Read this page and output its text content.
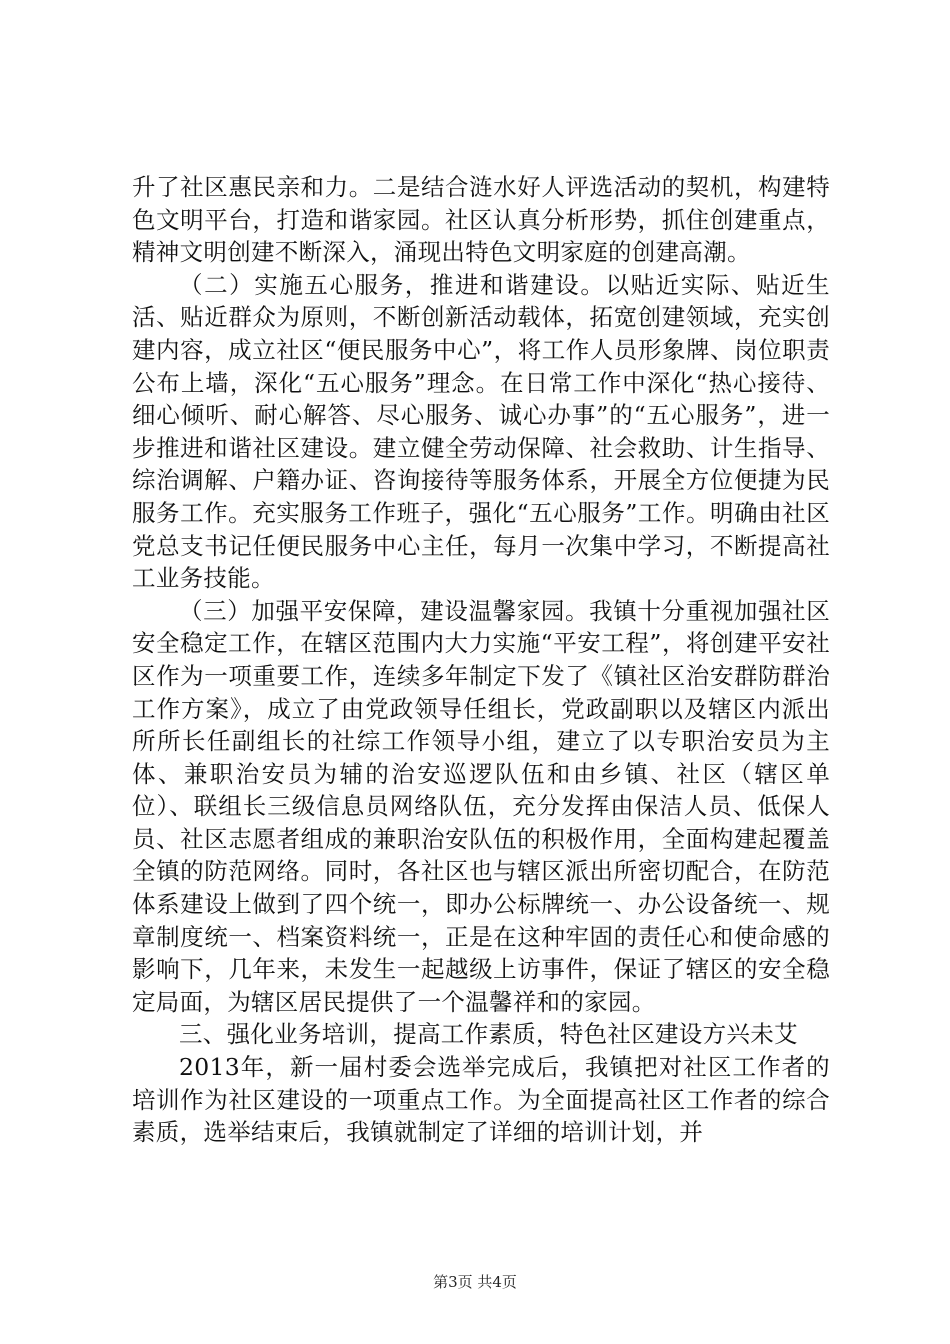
升了社区惠民亲和力。二是结合涟水好人评选活动的契机，构建特色文明平台，打造和谐家园。社区认真分析形势，抓住创建重点，精神文明创建不断深入，涌现出特色文明家庭的创建高潮。

（二）实施五心服务，推进和谐建设。以贴近实际、贴近生活、贴近群众为原则，不断创新活动载体，拓宽创建领域，充实创建内容，成立社区“便民服务中心”，将工作人员形象牌、岗位职责公布上墙，深化“五心服务”理念。在日常工作中深化“热心接待、细心倾听、耐心解答、尽心服务、诚心办事”的“五心服务”，进一步推进和谐社区建设。建立健全劳动保障、社会救助、计生指导、综治调解、户籍办证、咨询接待等服务体系，开展全方位便捷为民服务工作。充实服务工作班子，强化“五心服务”工作。明确由社区党总支书记任便民服务中心主任，每月一次集中学习，不断提高社工业务技能。

（三）加强平安保障，建设温馨家园。我镇十分重视加强社区安全稳定工作，在辖区范围内大力实施“平安工程”，将创建平安社区作为一项重要工作，连续多年制定下发了《镇社区治安群防群治工作方案》，成立了由党政领导任组长，党政副职以及辖区内派出所所长任副组长的社综工作领导小组，建立了以专职治安员为主体、兼职治安员为辅的治安巡逻队伍和由乡镇、社区（辖区单位）、联组长三级信息员网络队伍，充分发挥由保洁人员、低保人员、社区志愿者组成的兼职治安队伍的积极作用，全面构建起覆盖全镇的防范网络。同时，各社区也与辖区派出所密切配合，在防范体系建设上做到了四个统一，即办公标牌统一、办公设备统一、规章制度统一、档案资料统一，正是在这种牢固的责任心和使命感的影响下，几年来，未发生一起越级上访事件，保证了辖区的安全稳定局面，为辖区居民提供了一个温馨祥和的家园。

三、强化业务培训，提高工作素质，特色社区建设方兴未艾

2013年，新一届村委会选举完成后，我镇把对社区工作者的培训作为社区建设的一项重点工作。为全面提高社区工作者的综合素质，选举结束后，我镇就制定了详细的培训计划，并

第3页 共4页
